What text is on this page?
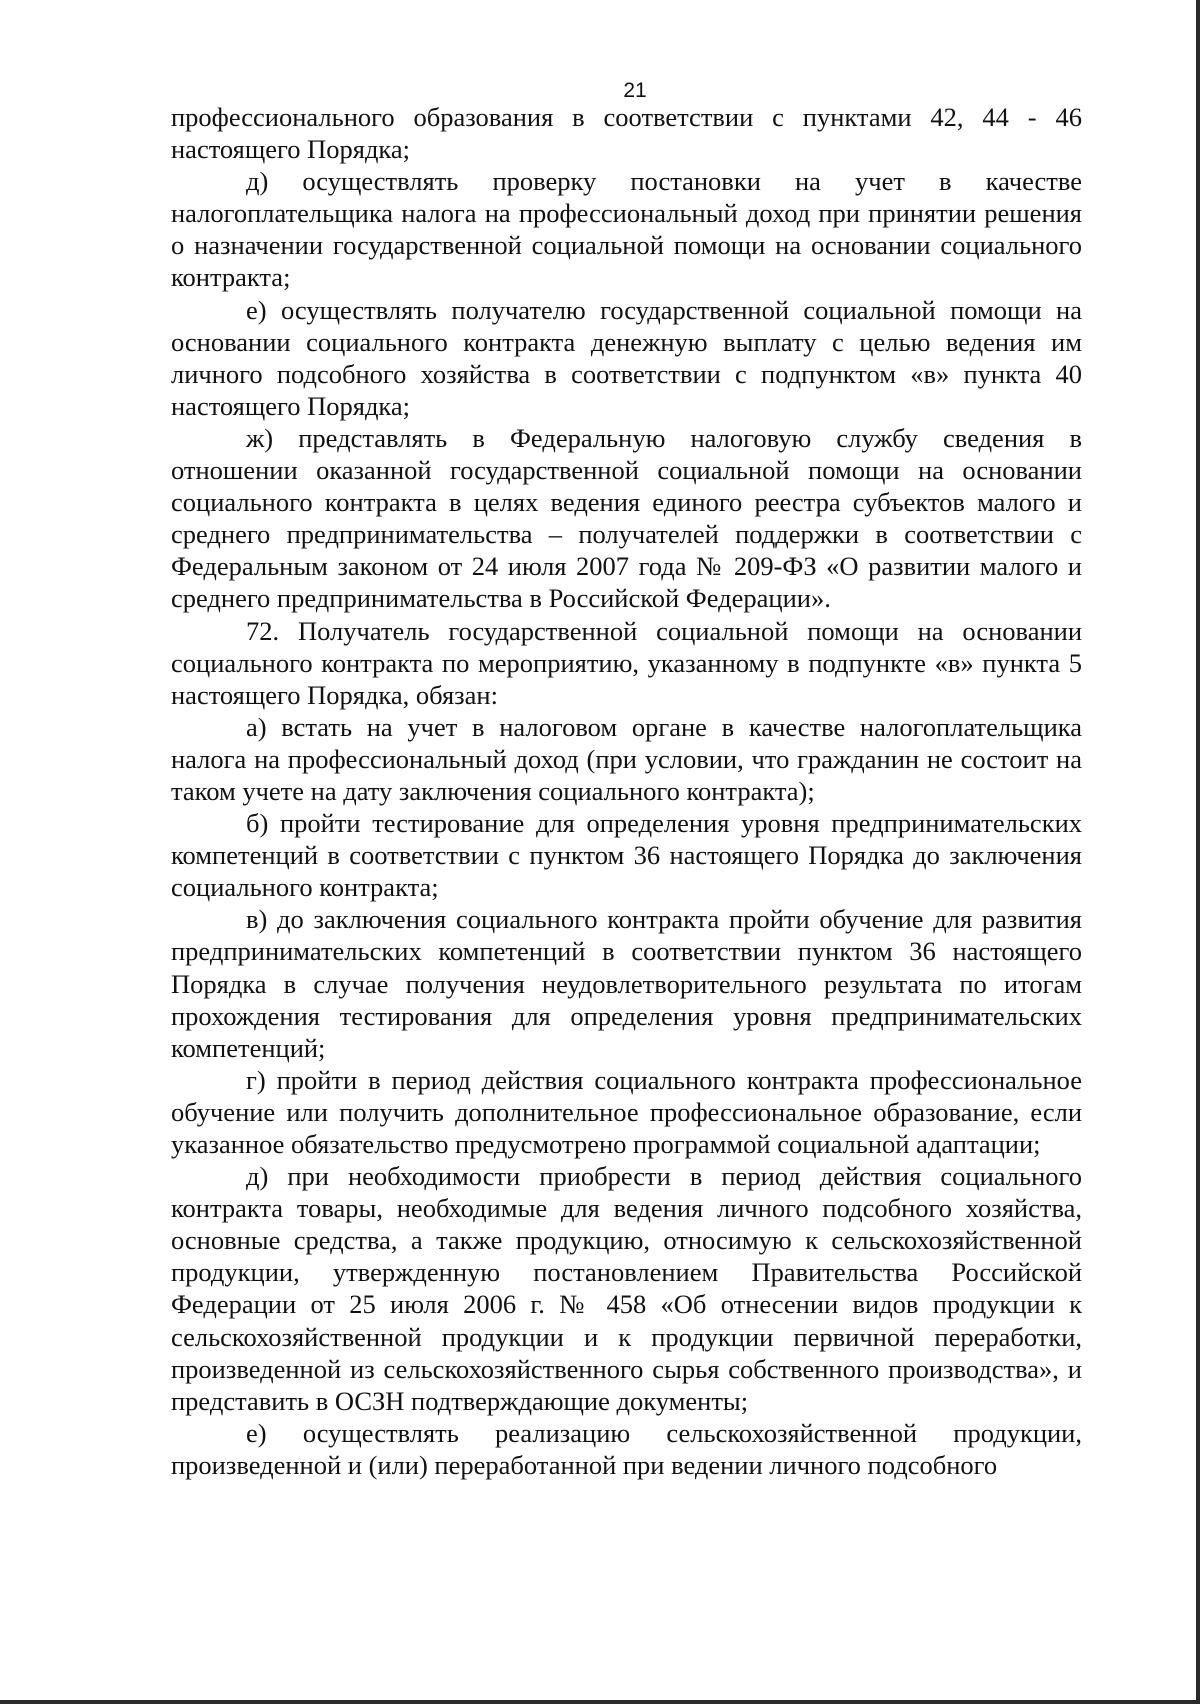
21

профессионального образования в соответствии с пунктами 42, 44 - 46 настоящего Порядка;

д) осуществлять проверку постановки на учет в качестве налогоплательщика налога на профессиональный доход при принятии решения о назначении государственной социальной помощи на основании социального контракта;

е) осуществлять получателю государственной социальной помощи на основании социального контракта денежную выплату с целью ведения им личного подсобного хозяйства в соответствии с подпунктом «в» пункта 40 настоящего Порядка;

ж) представлять в Федеральную налоговую службу сведения в отношении оказанной государственной социальной помощи на основании социального контракта в целях ведения единого реестра субъектов малого и среднего предпринимательства – получателей поддержки в соответствии с Федеральным законом от 24 июля 2007 года № 209-ФЗ «О развитии малого и среднего предпринимательства в Российской Федерации».

72. Получатель государственной социальной помощи на основании социального контракта по мероприятию, указанному в подпункте «в» пункта 5 настоящего Порядка, обязан:

а) встать на учет в налоговом органе в качестве налогоплательщика налога на профессиональный доход (при условии, что гражданин не состоит на таком учете на дату заключения социального контракта);

б) пройти тестирование для определения уровня предпринимательских компетенций в соответствии с пунктом 36 настоящего Порядка до заключения социального контракта;

в) до заключения социального контракта пройти обучение для развития предпринимательских компетенций в соответствии пунктом 36 настоящего Порядка в случае получения неудовлетворительного результата по итогам прохождения тестирования для определения уровня предпринимательских компетенций;

г) пройти в период действия социального контракта профессиональное обучение или получить дополнительное профессиональное образование, если указанное обязательство предусмотрено программой социальной адаптации;

д) при необходимости приобрести в период действия социального контракта товары, необходимые для ведения личного подсобного хозяйства, основные средства, а также продукцию, относимую к сельскохозяйственной продукции, утвержденную постановлением Правительства Российской Федерации от 25 июля 2006 г. № 458 «Об отнесении видов продукции к сельскохозяйственной продукции и к продукции первичной переработки, произведенной из сельскохозяйственного сырья собственного производства», и представить в ОСЗН подтверждающие документы;

е) осуществлять реализацию сельскохозяйственной продукции, произведенной и (или) переработанной при ведении личного подсобного
